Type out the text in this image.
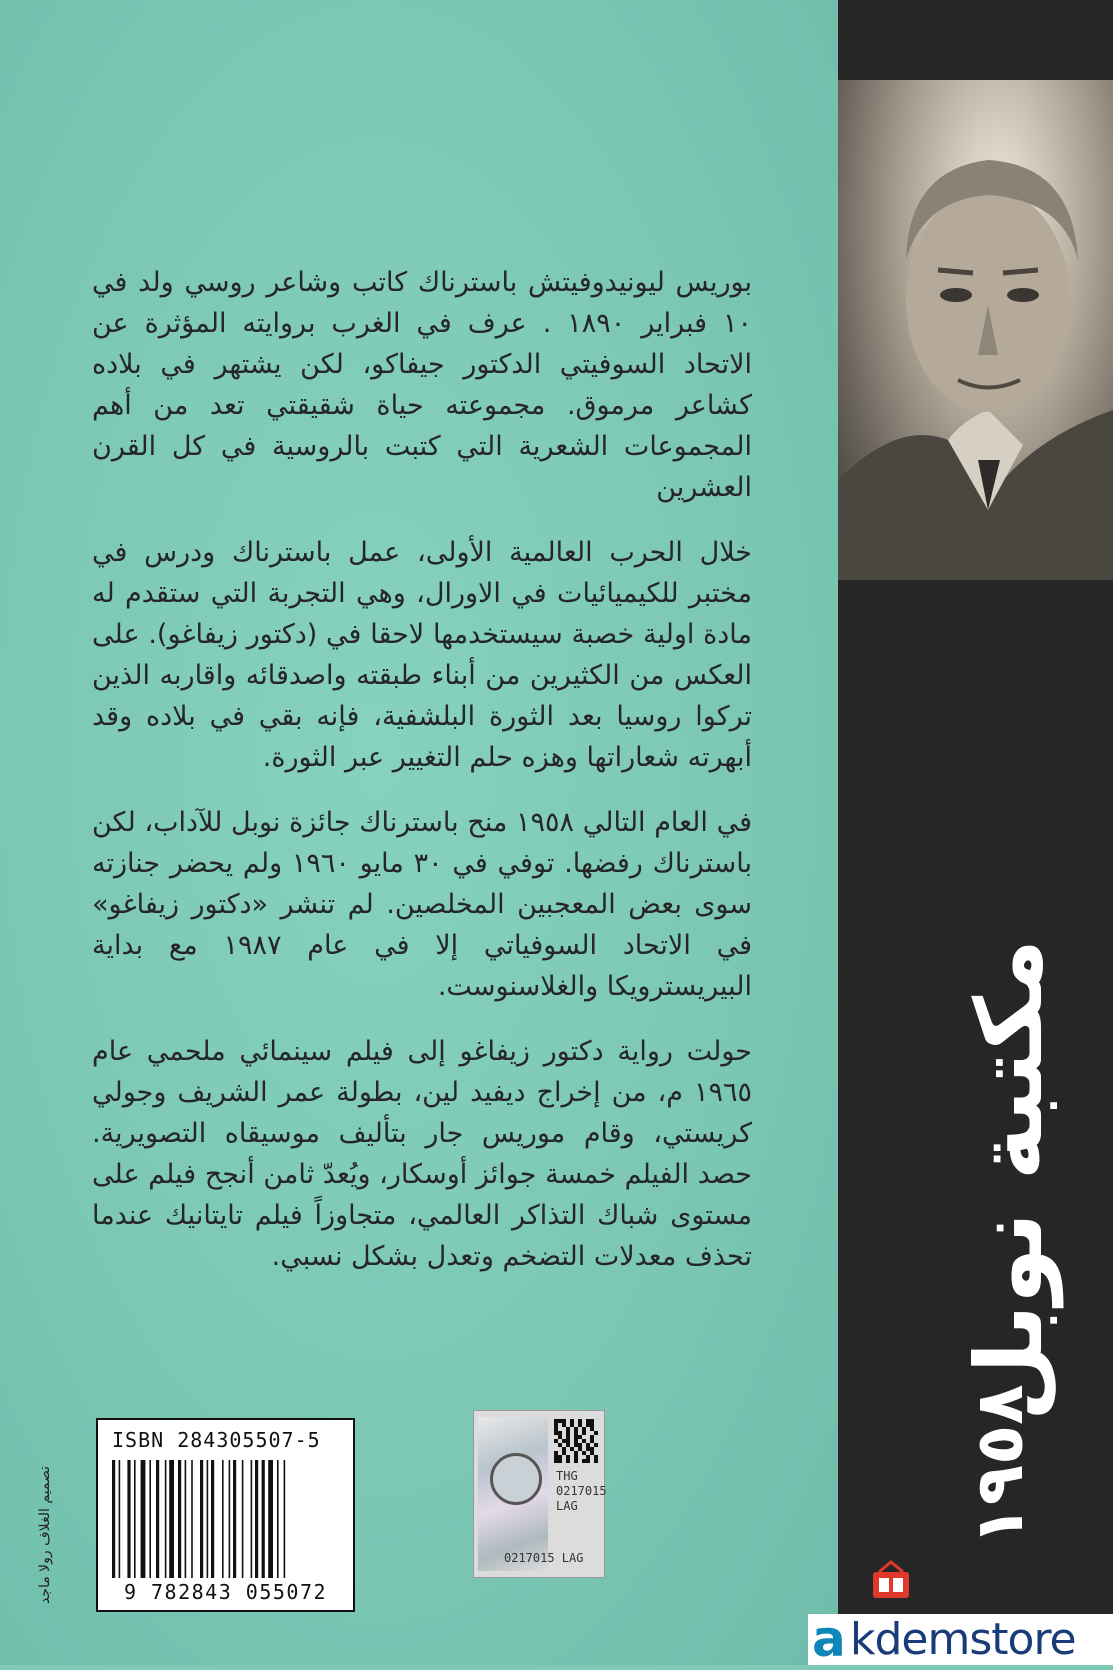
بوريس ليونيدوفيتش باسترناك كاتب وشاعر روسي ولد في ١٠ فبراير ١٨٩٠ . عرف في الغرب بروايته المؤثرة عن الاتحاد السوفيتي الدكتور جيفاكو، لكن يشتهر في بلاده كشاعر مرموق. مجموعته حياة شقيقتي تعد من أهم المجموعات الشعرية التي كتبت بالروسية في كل القرن العشرين

خلال الحرب العالمية الأولى، عمل باسترناك ودرس في مختبر للكيميائيات في الاورال، وهي التجربة التي ستقدم له مادة اولية خصبة سيستخدمها لاحقا في (دكتور زيفاغو). على العكس من الكثيرين من أبناء طبقته واصدقائه واقاربه الذين تركوا روسيا بعد الثورة البلشفية، فإنه بقي في بلاده وقد أبهرته شعاراتها وهزه حلم التغيير عبر الثورة.

في العام التالي ١٩٥٨ منح باسترناك جائزة نوبل للآداب، لكن باسترناك رفضها. توفي في ٣٠ مايو ١٩٦٠ ولم يحضر جنازته سوى بعض المعجبين المخلصين. لم تنشر «دكتور زيفاغو» في الاتحاد السوفياتي إلا في عام ١٩٨٧ مع بداية البيريسترويكا والغلاسنوست.

حولت رواية دكتور زيفاغو إلى فيلم سينمائي ملحمي عام ١٩٦٥ م، من إخراج ديفيد لين، بطولة عمر الشريف وجولي كريستي، وقام موريس جار بتأليف موسيقاه التصويرية. حصد الفيلم خمسة جوائز أوسكار، ويُعدّ ثامن أنجح فيلم على مستوى شباك التذاكر العالمي، متجاوزاً فيلم تايتانيك عندما تحذف معدلات التضخم وتعدل بشكل نسبي. مكتبة نوبل
١٩٥٨
تصميم الغلاف رولا ماجد
ISBN 284305507-5
9 782843 055072
THG
0217015
LAG
0217015 LAG
a kdemstore
